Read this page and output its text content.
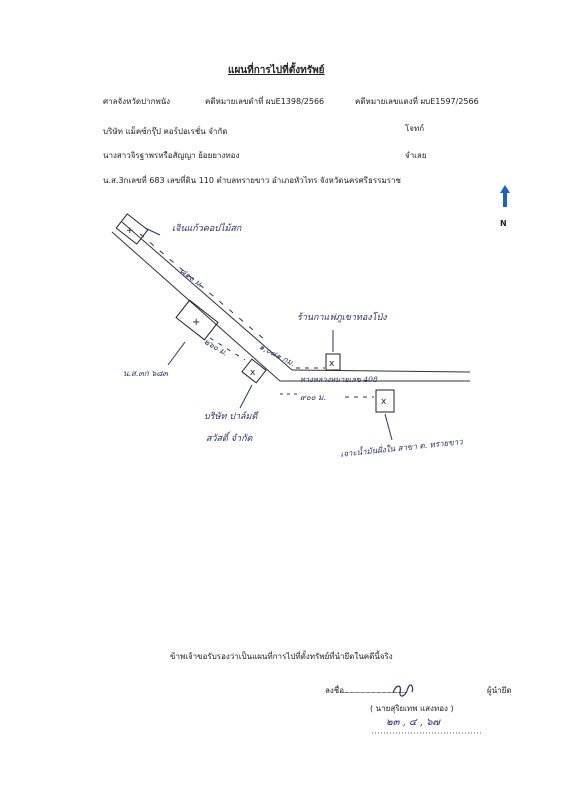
แผนที่การไปที่ตั้งทรัพย์
ศาลจังหวัดปากพนัง	คดีหมายเลขดำที่ ผบE1398/2566	คดีหมายเลขแดงที่ ผบE1597/2566
บริษัท แม็คซ์กรุ๊ป คอร์ปอเรชั่น จำกัด	โจทก์
นางสาวจิรฐาพรหรือสัญญา ย้อยยางทอง	จำเลย
น.ส.3กเลขที่ 683 เลขที่ดิน 110 ตำบลทรายขาว อำเภอหัวไทร จังหวัดนครศรีธรรมราช
N
+
+
x
x
x
เจินแก้วคอปไม้สก
๘๑๐ ม.
น.ส.๓ก ๖๘๓
๒๖๐ ม.	๑,๐๘๑ กม.
ร้านกาแฟภูเขาทองโป่ง
ทางหลวงหมายเลข 408
๙๐๐ ม.
บริษัท ปาล์มดี
สวัสดิ์ จำกัด	เจาะน้ำมันฝั่งใน สาขา ต. ทรายขาว
ข้าพเจ้าขอรับรองว่าเป็นแผนที่การไปที่ตั้งทรัพย์ที่นำยึดในคดีนี้จริง
ลงชื่อ
...................................................	ผู้นำยึด
( นายสุริยเทพ แสงทอง )
๒๓ , ๔ , ๖๗
